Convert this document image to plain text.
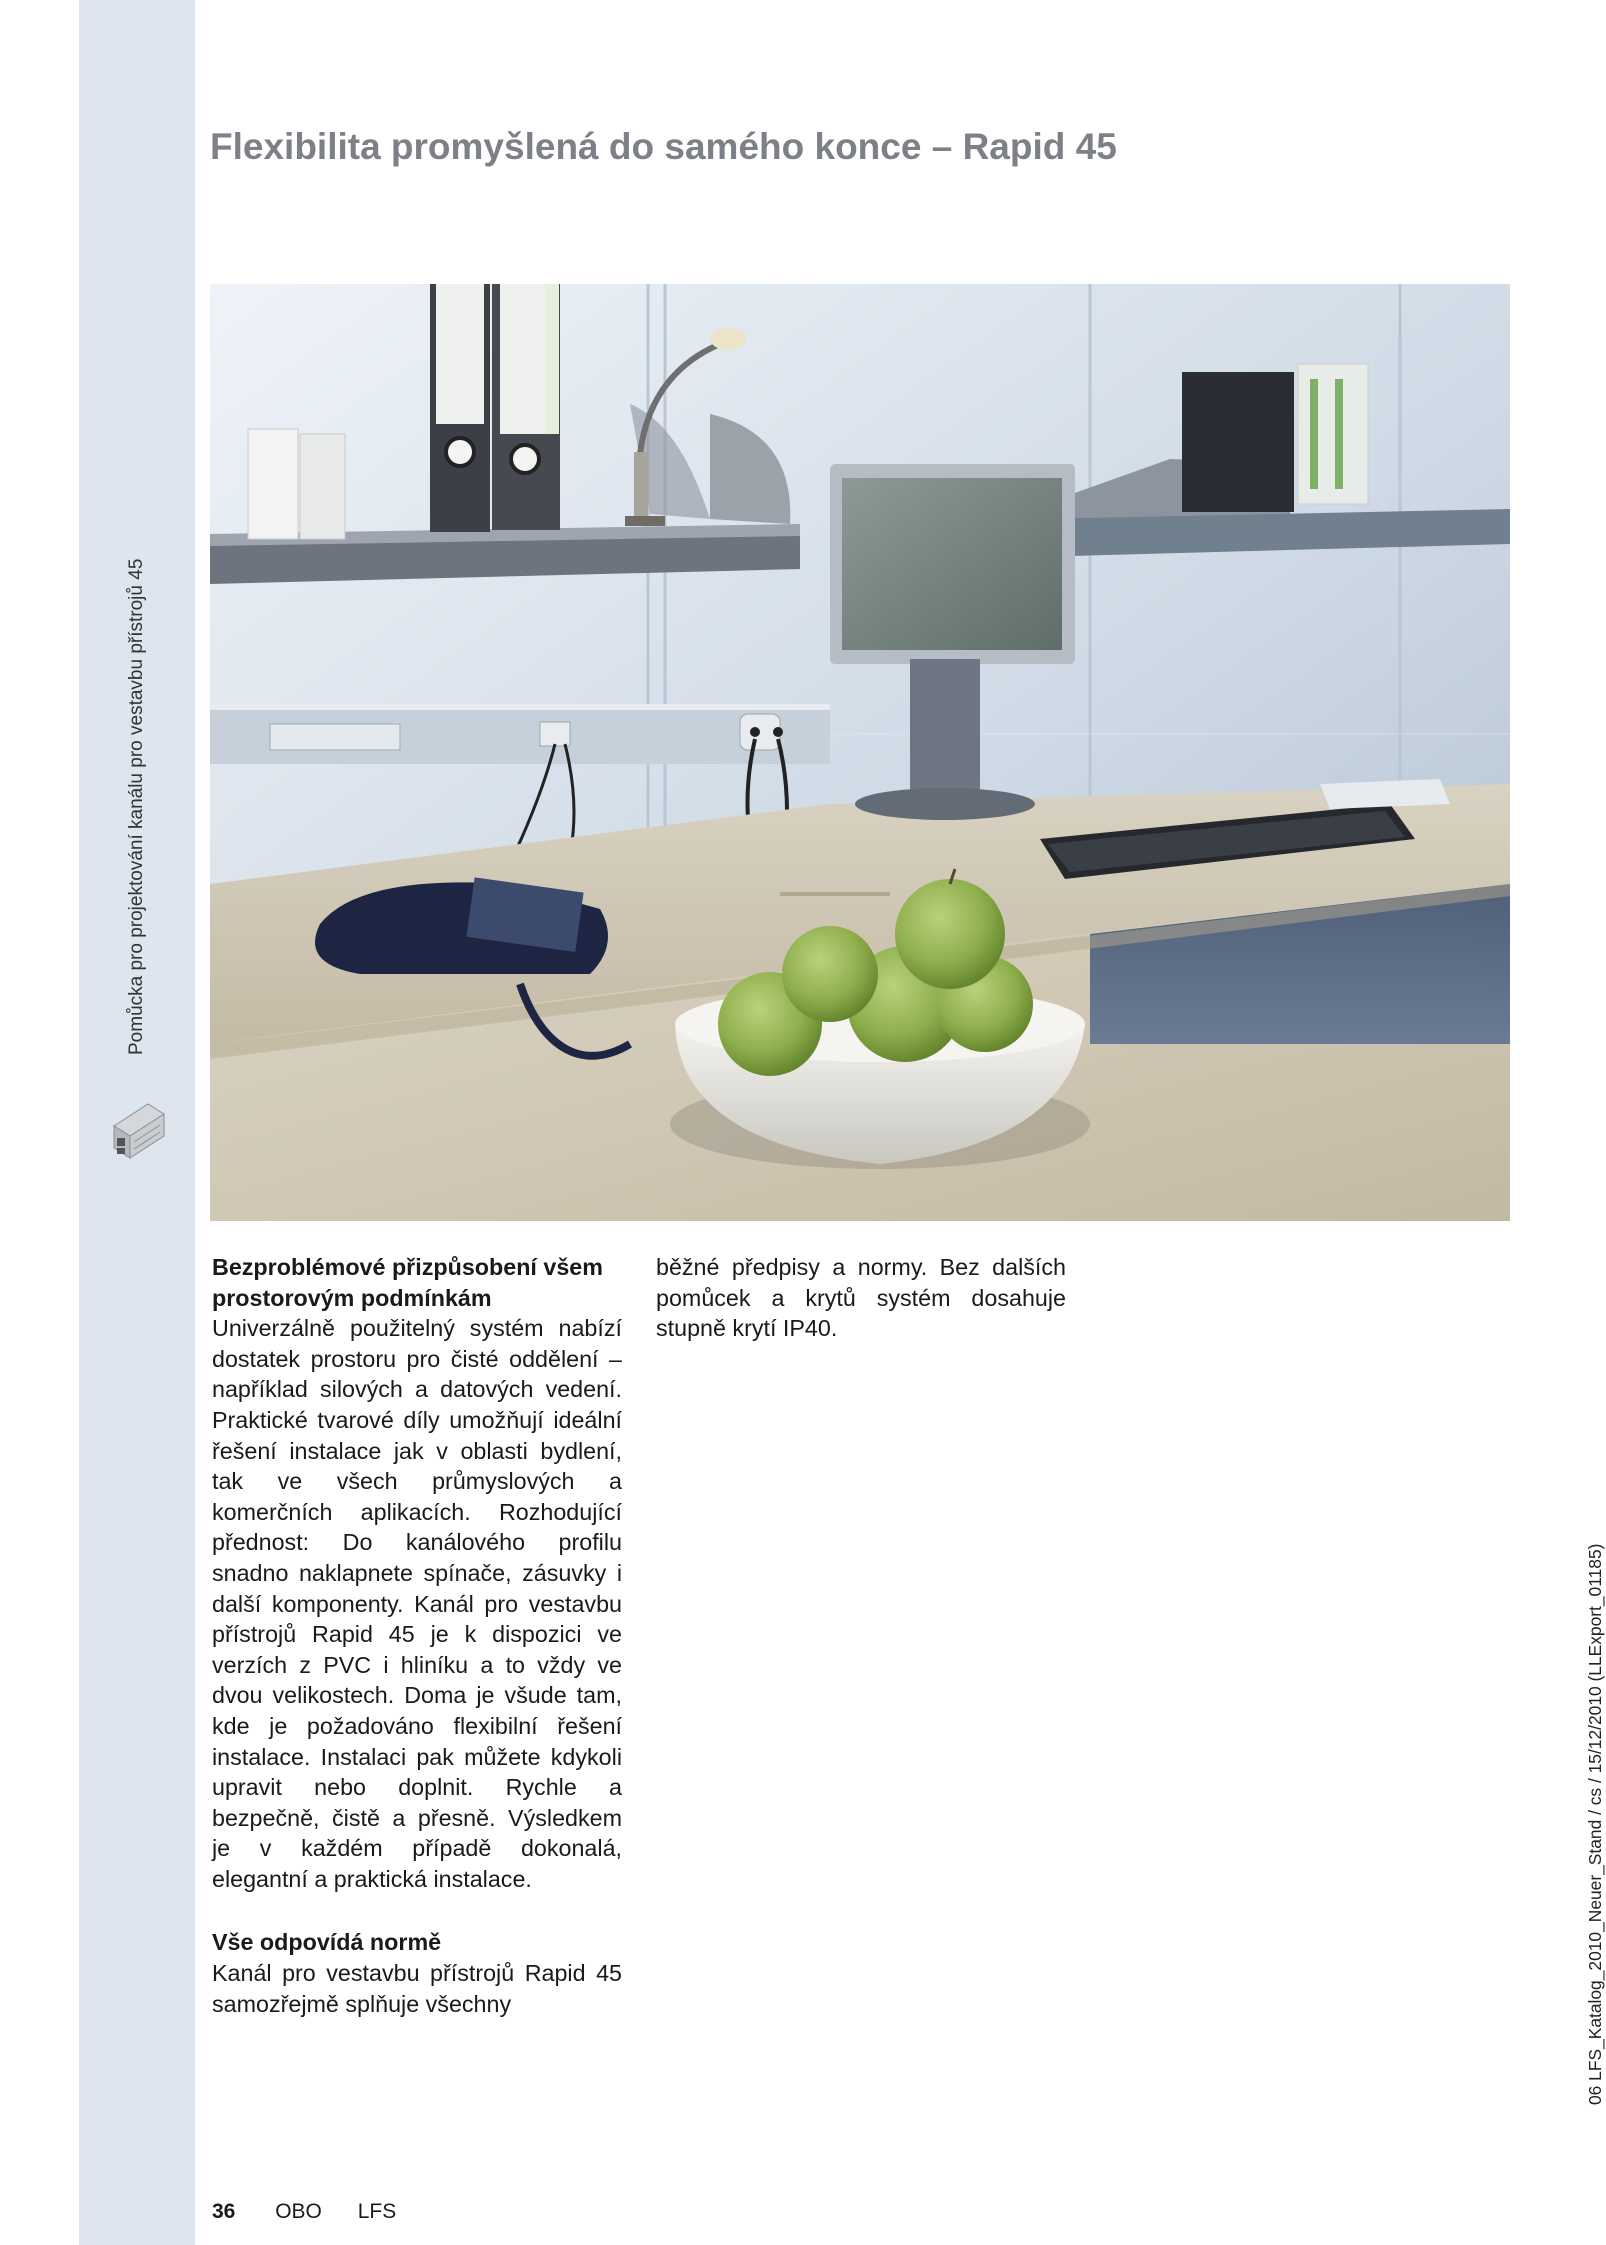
Pomůcka pro projektování kanálu pro vestavbu přístrojů 45
Flexibilita promyšlená do samého konce – Rapid 45
Bezproblémové přizpůsobení všem prostorovým podmínkám

Univerzálně použitelný systém nabízí dostatek prostoru pro čisté oddělení – například silových a datových vedení. Praktické tvarové díly umožňují ideální řešení instalace jak v oblasti bydlení, tak ve všech průmyslových a komerčních aplikacích. Rozhodující přednost: Do kanálového profilu snadno naklapnete spínače, zásuvky i další komponenty. Kanál pro vestavbu přístrojů Rapid 45 je k dispozici ve verzích z PVC i hliníku a to vždy ve dvou velikostech. Doma je všude tam, kde je požadováno flexibilní řešení instalace. Instalaci pak můžete kdykoli upravit nebo doplnit. Rychle a bezpečně, čistě a přesně. Výsledkem je v každém případě dokonalá, elegantní a praktická instalace.

Vše odpovídá normě

Kanál pro vestavbu přístrojů Rapid 45 samozřejmě splňuje všechny

běžné předpisy a normy. Bez dalších pomůcek a krytů systém dosahuje stupně krytí IP40.

36 OBO LFS
06 LFS_Katalog_2010_Neuer_Stand / cs / 15/12/2010 (LLExport_01185)
